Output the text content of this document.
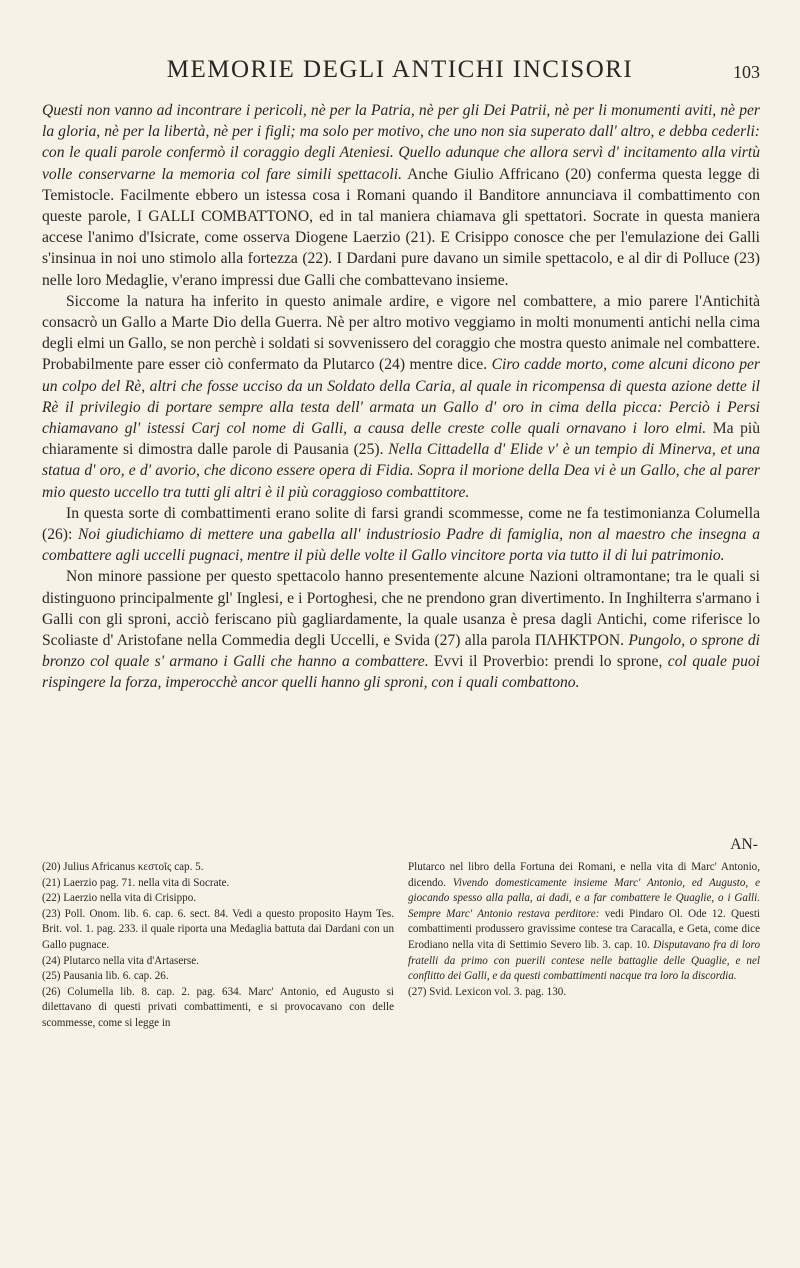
MEMORIE DEGLI ANTICHI INCISORI	103

Questi non vanno ad incontrare i pericoli, nè per la Patria, nè per gli Dei Patrii, nè per li monumenti aviti, nè per la gloria, nè per la libertà, nè per i figli; ma solo per motivo, che uno non sia superato dall' altro, e debba cederli: con le quali parole confermò il coraggio degli Ateniesi. Quello adunque che allora servì d' incitamento alla virtù volle conservarne la memoria col fare simili spettacoli. Anche Giulio Affricano (20) conferma questa legge di Temistocle. Facilmente ebbero un istessa cosa i Romani quando il Banditore annunciava il combattimento con queste parole, I GALLI COMBATTONO, ed in tal maniera chiamava gli spettatori. Socrate in questa maniera accese l'animo d'Isicrate, come osserva Diogene Laerzio (21). E Crisippo conosce che per l'emulazione dei Galli s'insinua in noi uno stimolo alla fortezza (22). I Dardani pure davano un simile spettacolo, e al dir di Polluce (23) nelle loro Medaglie, v'erano impressi due Galli che combattevano insieme.

Siccome la natura ha inferito in questo animale ardire, e vigore nel combattere, a mio parere l'Antichità consacrò un Gallo a Marte Dio della Guerra. Nè per altro motivo veggiamo in molti monumenti antichi nella cima degli elmi un Gallo, se non perchè i soldati si sovvenissero del coraggio che mostra questo animale nel combattere. Probabilmente pare esser ciò confermato da Plutarco (24) mentre dice. Ciro cadde morto, come alcuni dicono per un colpo del Rè, altri che fosse ucciso da un Soldato della Caria, al quale in ricompensa di questa azione dette il Rè il privilegio di portare sempre alla testa dell' armata un Gallo d' oro in cima della picca: Perciò i Persi chiamavano gl' istessi Carj col nome di Galli, a causa delle creste colle quali ornavano i loro elmi. Ma più chiaramente si dimostra dalle parole di Pausania (25). Nella Cittadella d' Elide v' è un tempio di Minerva, et una statua d' oro, e d' avorio, che dicono essere opera di Fidia. Sopra il morione della Dea vi è un Gallo, che al parer mio questo uccello tra tutti gli altri è il più coraggioso combattitore.

In questa sorte di combattimenti erano solite di farsi grandi scommesse, come ne fa testimonianza Columella (26): Noi giudichiamo di mettere una gabella all' industriosio Padre di famiglia, non al maestro che insegna a combattere agli uccelli pugnaci, mentre il più delle volte il Gallo vincitore porta via tutto il di lui patrimonio.

Non minore passione per questo spettacolo hanno presentemente alcune Nazioni oltramontane; tra le quali si distinguono principalmente gl' Inglesi, e i Portoghesi, che ne prendono gran divertimento. In Inghilterra s'armano i Galli con gli sproni, acciò feriscano più gagliardamente, la quale usanza è presa dagli Antichi, come riferisce lo Scoliaste d' Aristofane nella Commedia degli Uccelli, e Svida (27) alla parola ΠΛΗΚΤΡΟΝ. Pungolo, o sprone di bronzo col quale s' armano i Galli che hanno a combattere. Evvi il Proverbio: prendi lo sprone, col quale puoi rispingere la forza, imperocchè ancor quelli hanno gli sproni, con i quali combattono.

AN-

(20) Julius Africanus κεστοῖς cap. 5.

(21) Laerzio pag. 71. nella vita di Socrate.

(22) Laerzio nella vita di Crisippo.

(23) Poll. Onom. lib. 6. cap. 6. sect. 84. Vedi a questo proposito Haym Tes. Brit. vol. 1. pag. 233. il quale riporta una Medaglia battuta dai Dardani con un Gallo pugnace.

(24) Plutarco nella vita d'Artaserse.

(25) Pausania lib. 6. cap. 26.

(26) Columella lib. 8. cap. 2. pag. 634. Marc' Antonio, ed Augusto si dilettavano di questi privati combattimenti, e si provocavano con delle scommesse, come si legge in

Plutarco nel libro della Fortuna dei Romani, e nella vita di Marc' Antonio, dicendo. Vivendo domesticamente insieme Marc' Antonio, ed Augusto, e giocando spesso alla palla, ai dadi, e a far combattere le Quaglie, o i Galli. Sempre Marc' Antonio restava perditore: vedi Pindaro Ol. Ode 12. Questi combattimenti produssero gravissime contese tra Caracalla, e Geta, come dice Erodiano nella vita di Settimio Severo lib. 3. cap. 10. Disputavano fra di loro fratelli da primo con puerili contese nelle battaglie delle Quaglie, e nel conflitto dei Galli, e da questi combattimenti nacque tra loro la discordia.

(27) Svid. Lexicon vol. 3. pag. 130.
